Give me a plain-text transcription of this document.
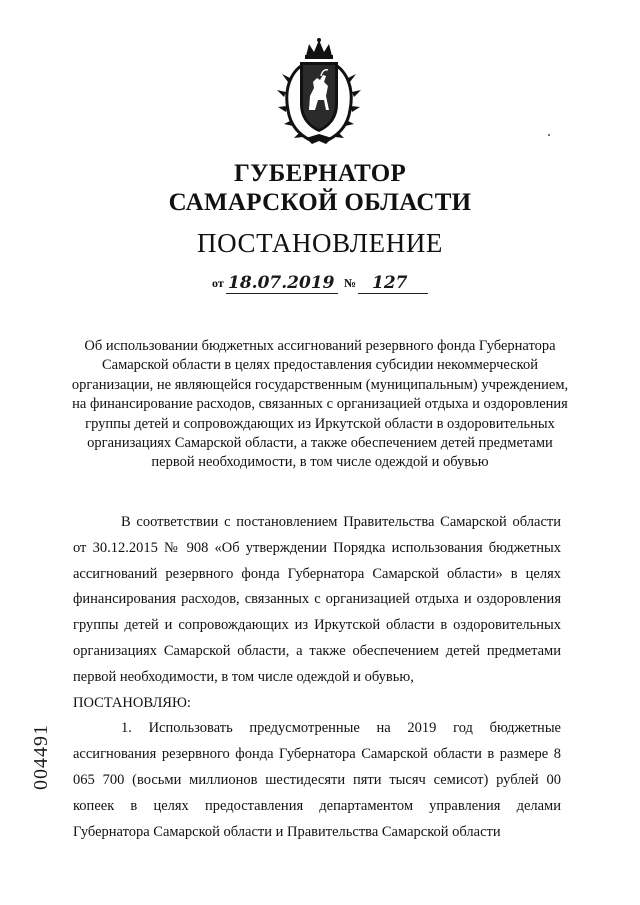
ГУБЕРНАТОР
САМАРСКОЙ ОБЛАСТИ
ПОСТАНОВЛЕНИЕ
от 18.07.2019 № 127
Об использовании бюджетных ассигнований резервного фонда Губернатора Самарской области в целях предоставления субсидии некоммерческой организации, не являющейся государственным (муниципальным) учреждением, на финансирование расходов, связанных с организацией отдыха и оздоровления группы детей и сопровождающих из Иркутской области в оздоровительных организациях Самарской области, а также обеспечением детей предметами первой необходимости, в том числе одеждой и обувью

В соответствии с постановлением Правительства Самарской области от 30.12.2015 № 908 «Об утверждении Порядка использования бюджетных ассигнований резервного фонда Губернатора Самарской области» в целях финансирования расходов, связанных с организацией отдыха и оздоровления группы детей и сопровождающих из Иркутской области в оздоровительных организациях Самарской области, а также обеспечением детей предметами первой необходимости, в том числе одеждой и обувью,

ПОСТАНОВЛЯЮ:

1. Использовать предусмотренные на 2019 год бюджетные ассигнования резервного фонда Губернатора Самарской области в размере 8 065 700 (восьми миллионов шестидесяти пяти тысяч семисот) рублей 00 копеек в целях предоставления департаментом управления делами Губернатора Самарской области и Правительства Самарской области

004491
